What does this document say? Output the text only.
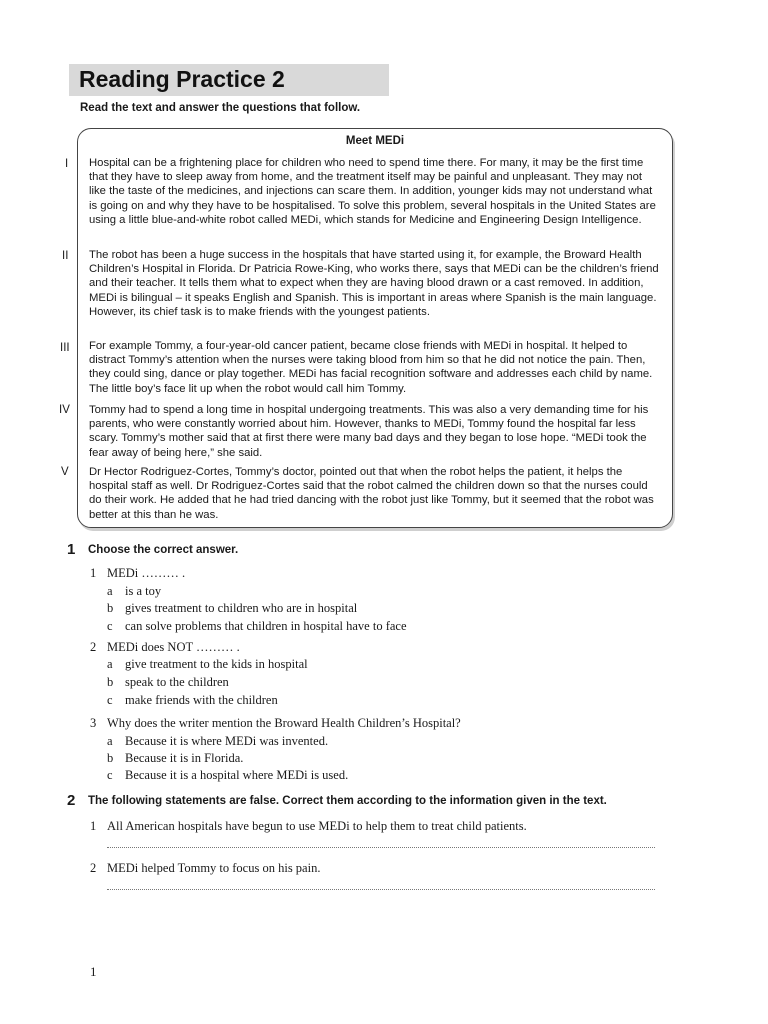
Reading Practice 2
Read the text and answer the questions that follow.
Meet MEDi
I Hospital can be a frightening place for children who need to spend time there. For many, it may be the first time that they have to sleep away from home, and the treatment itself may be painful and unpleasant. They may not like the taste of the medicines, and injections can scare them. In addition, younger kids may not understand what is going on and why they have to be hospitalised. To solve this problem, several hospitals in the United States are using a little blue-and-white robot called MEDi, which stands for Medicine and Engineering Design Intelligence.

II The robot has been a huge success in the hospitals that have started using it, for example, the Broward Health Children’s Hospital in Florida. Dr Patricia Rowe-King, who works there, says that MEDi can be the children’s friend and their teacher. It tells them what to expect when they are having blood drawn or a cast removed. In addition, MEDi is bilingual – it speaks English and Spanish. This is important in areas where Spanish is the main language. However, its chief task is to make friends with the youngest patients.

III For example Tommy, a four-year-old cancer patient, became close friends with MEDi in hospital. It helped to distract Tommy’s attention when the nurses were taking blood from him so that he did not notice the pain. Then, they could sing, dance or play together. MEDi has facial recognition software and addresses each child by name. The little boy’s face lit up when the robot would call him Tommy.

IV Tommy had to spend a long time in hospital undergoing treatments. This was also a very demanding time for his parents, who were constantly worried about him. However, thanks to MEDi, Tommy found the hospital far less scary. Tommy’s mother said that at first there were many bad days and they began to lose hope. “MEDi took the fear away of being here,” she said.

V Dr Hector Rodriguez-Cortes, Tommy’s doctor, pointed out that when the robot helps the patient, it helps the hospital staff as well. Dr Rodriguez-Cortes said that the robot calmed the children down so that the nurses could do their work. He added that he had tried dancing with the robot just like Tommy, but it seemed that the robot was better at this than he was.

1 Choose the correct answer.
1 MEDi ……… .
a is a toy
b gives treatment to children who are in hospital
c can solve problems that children in hospital have to face
2 MEDi does NOT ……… .
a give treatment to the kids in hospital
b speak to the children
c make friends with the children
3 Why does the writer mention the Broward Health Children’s Hospital?
a Because it is where MEDi was invented.
b Because it is in Florida.
c Because it is a hospital where MEDi is used.
2 The following statements are false. Correct them according to the information given in the text.
1 All American hospitals have begun to use MEDi to help them to treat child patients.
2 MEDi helped Tommy to focus on his pain.
1
